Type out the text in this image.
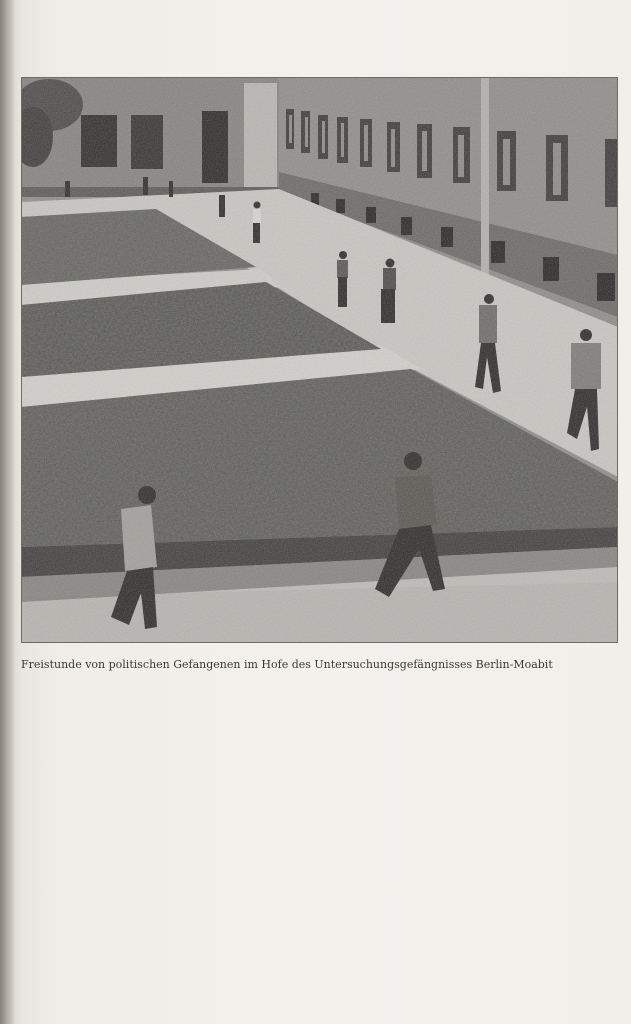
Freistunde von politischen Gefangenen im Hofe des Untersuchungsgefängnisses Berlin-Moabit
